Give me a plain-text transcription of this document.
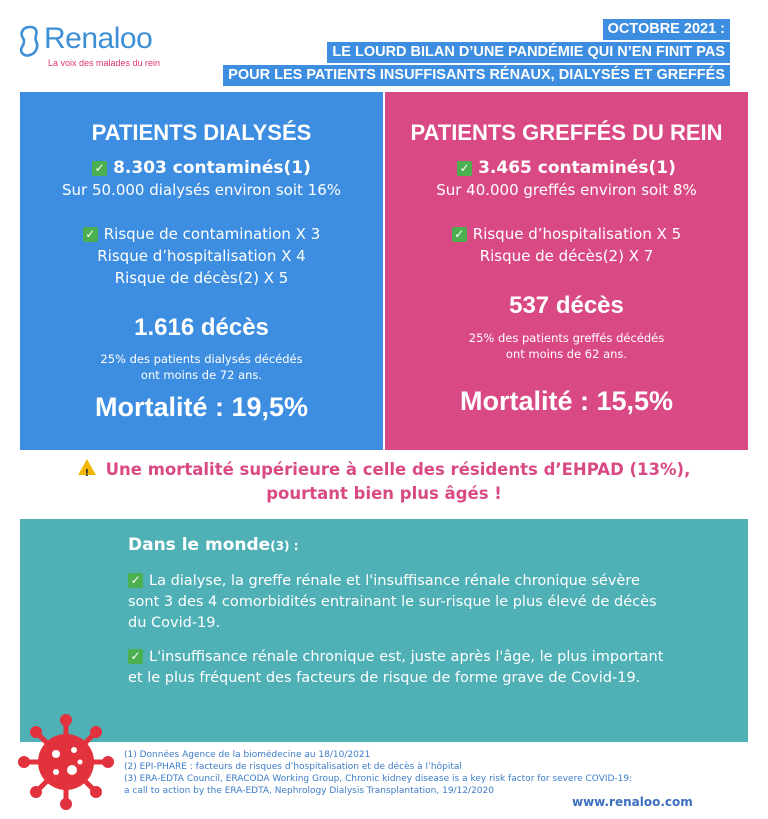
Renaloo
La voix des malades du rein
OCTOBRE 2021 :
LE LOURD BILAN D’UNE PANDÉMIE QUI N’EN FINIT PAS
POUR LES PATIENTS INSUFFISANTS RÉNAUX, DIALYSÉS ET GREFFÉS
PATIENTS DIALYSÉS
✓ 8.303 contaminés(1)
Sur 50.000 dialysés environ soit 16%
✓ Risque de contamination X 3
Risque d’hospitalisation X 4
Risque de décès(2) X 5
1.616 décès
25% des patients dialysés décédés
ont moins de 72 ans.
Mortalité : 19,5%
PATIENTS GREFFÉS DU REIN
✓ 3.465 contaminés(1)
Sur 40.000 greffés environ soit 8%
✓ Risque d’hospitalisation X 5
Risque de décès(2) X 7
537 décès
25% des patients greffés décédés
ont moins de 62 ans.
Mortalité : 15,5%
! Une mortalité supérieure à celle des résidents d’EHPAD (13%),
pourtant bien plus âgés !
Dans le monde(3) :
✓ La dialyse, la greffe rénale et l'insuffisance rénale chronique sévère sont 3 des 4 comorbidités entrainant le sur-risque le plus élevé de décès du Covid-19.
✓ L'insuffisance rénale chronique est, juste après l'âge, le plus important et le plus fréquent des facteurs de risque de forme grave de Covid-19.
(1) Données Agence de la biomédecine au 18/10/2021
(2) EPI-PHARE : facteurs de risques d’hospitalisation et de décès à l’hôpital
(3) ERA-EDTA Council, ERACODA Working Group, Chronic kidney disease is a key risk factor for severe COVID-19:
a call to action by the ERA-EDTA, Nephrology Dialysis Transplantation, 19/12/2020
www.renaloo.com
